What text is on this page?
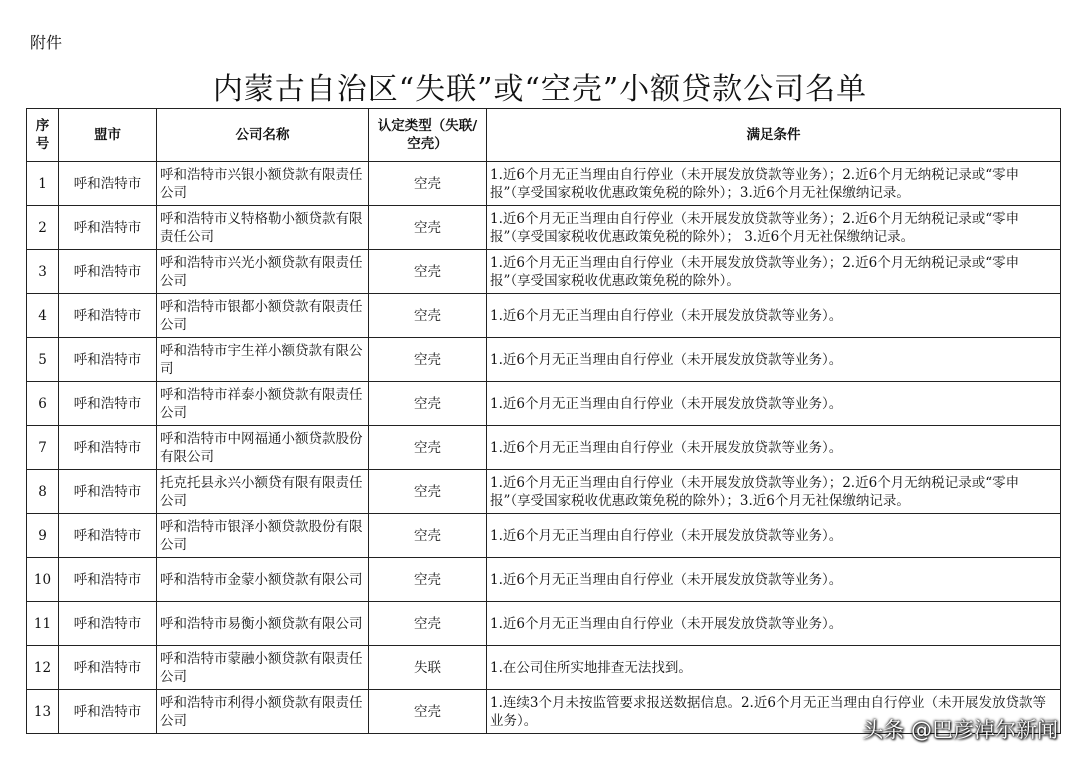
附件
内蒙古自治区“失联”或“空壳”小额贷款公司名单
序号	盟市	公司名称	认定类型（失联/空壳）	满足条件
1	呼和浩特市	呼和浩特市兴银小额贷款有限责任公司	空壳	1.近6个月无正当理由自行停业（未开展发放贷款等业务）；2.近6个月无纳税记录或“零申报”（享受国家税收优惠政策免税的除外）；3.近6个月无社保缴纳记录。
2	呼和浩特市	呼和浩特市义特格勒小额贷款有限责任公司	空壳	1.近6个月无正当理由自行停业（未开展发放贷款等业务）；2.近6个月无纳税记录或“零申报”（享受国家税收优惠政策免税的除外）； 3.近6个月无社保缴纳记录。
3	呼和浩特市	呼和浩特市兴光小额贷款有限责任公司	空壳	1.近6个月无正当理由自行停业（未开展发放贷款等业务）；2.近6个月无纳税记录或“零申报”（享受国家税收优惠政策免税的除外）。
4	呼和浩特市	呼和浩特市银都小额贷款有限责任公司	空壳	1.近6个月无正当理由自行停业（未开展发放贷款等业务）。
5	呼和浩特市	呼和浩特市宇生祥小额贷款有限公司	空壳	1.近6个月无正当理由自行停业（未开展发放贷款等业务）。
6	呼和浩特市	呼和浩特市祥泰小额贷款有限责任公司	空壳	1.近6个月无正当理由自行停业（未开展发放贷款等业务）。
7	呼和浩特市	呼和浩特市中网福通小额贷款股份有限公司	空壳	1.近6个月无正当理由自行停业（未开展发放贷款等业务）。
8	呼和浩特市	托克托县永兴小额贷有限有限责任公司	空壳	1.近6个月无正当理由自行停业（未开展发放贷款等业务）；2.近6个月无纳税记录或“零申报”（享受国家税收优惠政策免税的除外）；3.近6个月无社保缴纳记录。
9	呼和浩特市	呼和浩特市银泽小额贷款股份有限公司	空壳	1.近6个月无正当理由自行停业（未开展发放贷款等业务）。
10	呼和浩特市	呼和浩特市金蒙小额贷款有限公司	空壳	1.近6个月无正当理由自行停业（未开展发放贷款等业务）。
11	呼和浩特市	呼和浩特市易衡小额贷款有限公司	空壳	1.近6个月无正当理由自行停业（未开展发放贷款等业务）。
12	呼和浩特市	呼和浩特市蒙融小额贷款有限责任公司	失联	1.在公司住所实地排查无法找到。
13	呼和浩特市	呼和浩特市利得小额贷款有限责任公司	空壳	1.连续3个月未按监管要求报送数据信息。2.近6个月无正当理由自行停业（未开展发放贷款等业务）。	头条 @巴彦淖尔新闻
